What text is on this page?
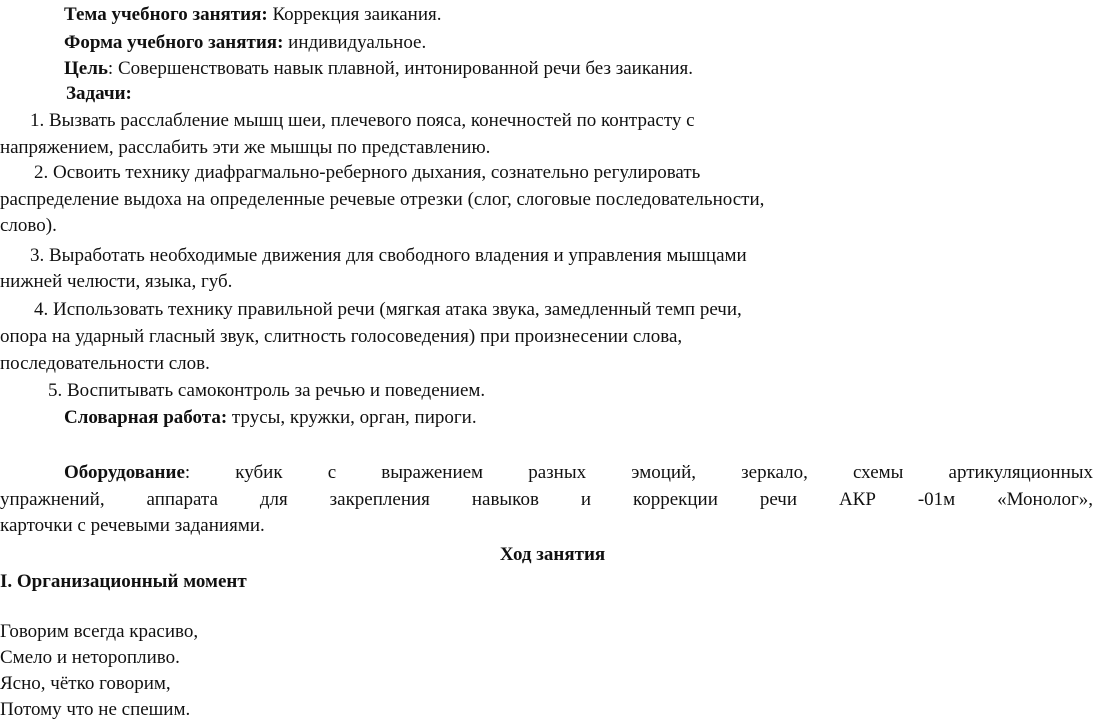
Тема учебного занятия: Коррекция заикания.
Форма учебного занятия: индивидуальное.
Цель: Совершенствовать навык плавной, интонированной речи без заикания.
Задачи:
1. Вызвать расслабление мышц шеи, плечевого пояса, конечностей по контрасту с
напряжением, расслабить эти же мышцы по представлению.
2. Освоить технику диафрагмально-реберного дыхания, сознательно регулировать
распределение выдоха на определенные речевые отрезки (слог, слоговые последовательности,
слово).
3. Выработать необходимые движения для свободного владения и управления мышцами
нижней челюсти, языка, губ.
4. Использовать технику правильной речи (мягкая атака звука, замедленный темп речи,
опора на ударный гласный звук, слитность голосоведения) при произнесении слова,
последовательности слов.
5. Воспитывать самоконтроль за речью и поведением.
Словарная работа: трусы, кружки, орган, пироги.
Оборудование: кубик с выражением разных эмоций, зеркало, схемы артикуляционных
упражнений, аппарата для закрепления навыков и коррекции речи АКР -01м «Монолог»,
карточки с речевыми заданиями.
Ход занятия
I. Организационный момент
Говорим всегда красиво,
Смело и неторопливо.
Ясно, чётко говорим,
Потому что не спешим.
